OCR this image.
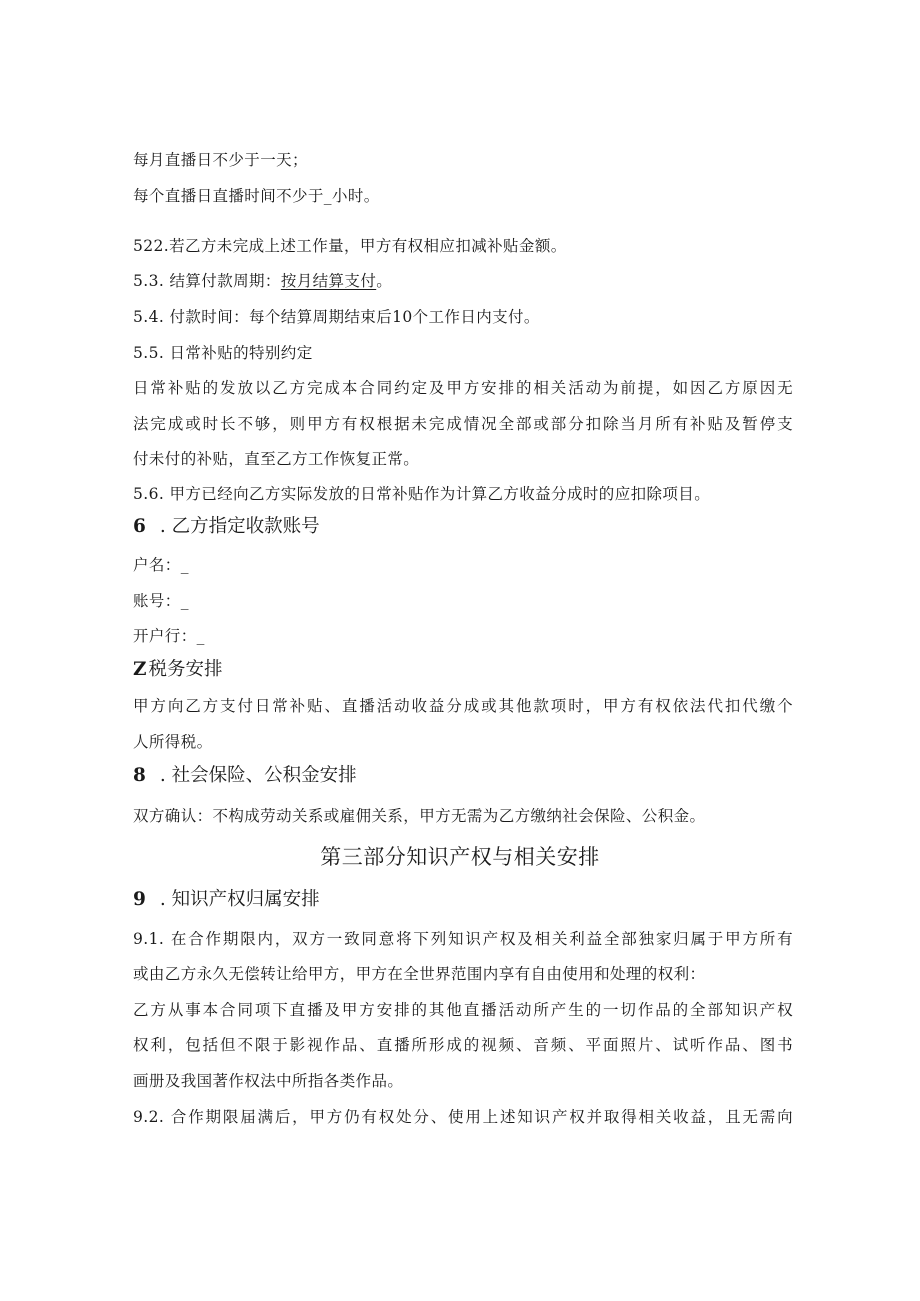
每月直播日不少于一天；
每个直播日直播时间不少于_小时。
522.若乙方未完成上述工作量，甲方有权相应扣减补贴金额。
5.3. 结算付款周期：按月结算支付。
5.4. 付款时间：每个结算周期结束后10个工作日内支付。
5.5. 日常补贴的特别约定
日常补贴的发放以乙方完成本合同约定及甲方安排的相关活动为前提，如因乙方原因无
法完成或时长不够，则甲方有权根据未完成情况全部或部分扣除当月所有补贴及暂停支
付未付的补贴，直至乙方工作恢复正常。
5.6. 甲方已经向乙方实际发放的日常补贴作为计算乙方收益分成时的应扣除项目。
6 . 乙方指定收款账号
户名：_
账号：_
开户行：_
Z 税务安排
甲方向乙方支付日常补贴、直播活动收益分成或其他款项时，甲方有权依法代扣代缴个
人所得税。
8 . 社会保险、公积金安排
双方确认：不构成劳动关系或雇佣关系，甲方无需为乙方缴纳社会保险、公积金。
第三部分知识产权与相关安排
9 . 知识产权归属安排
9.1. 在合作期限内，双方一致同意将下列知识产权及相关利益全部独家归属于甲方所有
或由乙方永久无偿转让给甲方，甲方在全世界范围内享有自由使用和处理的权利：
乙方从事本合同项下直播及甲方安排的其他直播活动所产生的一切作品的全部知识产权
权利，包括但不限于影视作品、直播所形成的视频、音频、平面照片、试听作品、图书
画册及我国著作权法中所指各类作品。
9.2. 合作期限届满后，甲方仍有权处分、使用上述知识产权并取得相关收益，且无需向
